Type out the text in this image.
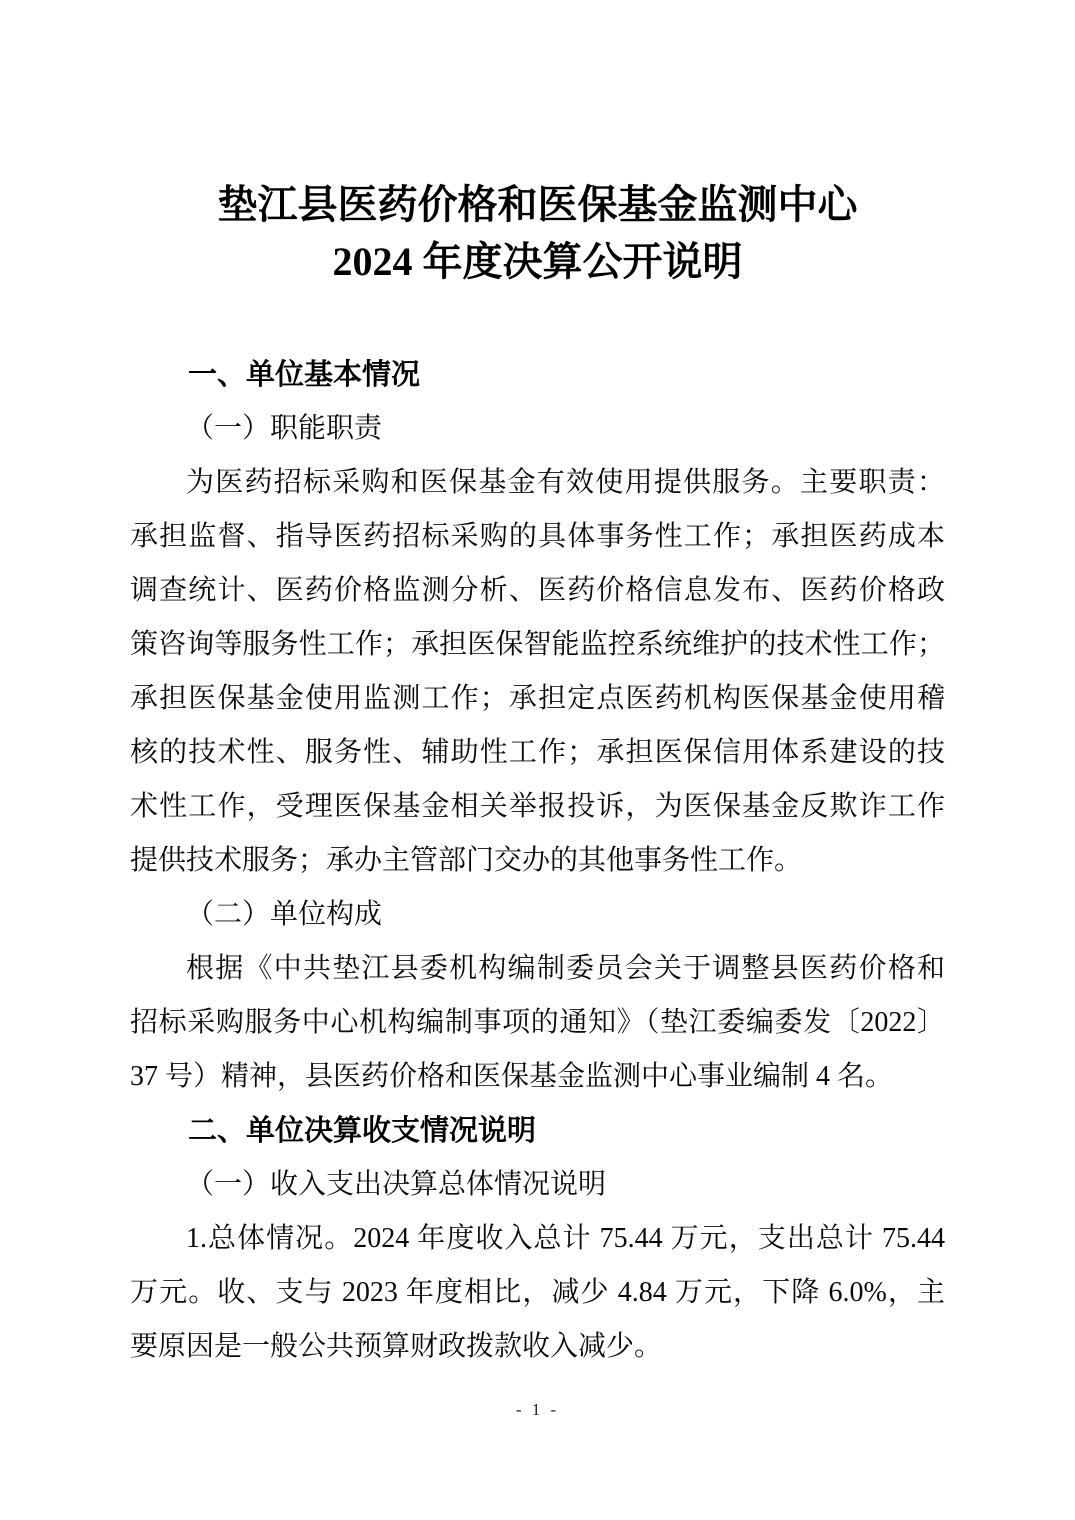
垫江县医药价格和医保基金监测中心
2024 年度决算公开说明
一、单位基本情况
（一）职能职责
为医药招标采购和医保基金有效使用提供服务。主要职责：
承担监督、指导医药招标采购的具体事务性工作；承担医药成本
调查统计、医药价格监测分析、医药价格信息发布、医药价格政
策咨询等服务性工作；承担医保智能监控系统维护的技术性工作；
承担医保基金使用监测工作；承担定点医药机构医保基金使用稽
核的技术性、服务性、辅助性工作；承担医保信用体系建设的技
术性工作，受理医保基金相关举报投诉，为医保基金反欺诈工作
提供技术服务；承办主管部门交办的其他事务性工作。
（二）单位构成
根据《中共垫江县委机构编制委员会关于调整县医药价格和
招标采购服务中心机构编制事项的通知》（垫江委编委发〔2022〕
37 号）精神，县医药价格和医保基金监测中心事业编制 4 名。
二、单位决算收支情况说明
（一）收入支出决算总体情况说明
1.总体情况。2024 年度收入总计 75.44 万元，支出总计 75.44
万元。收、支与 2023 年度相比，减少 4.84 万元，下降 6.0%，主
要原因是一般公共预算财政拨款收入减少。
- 1 -
